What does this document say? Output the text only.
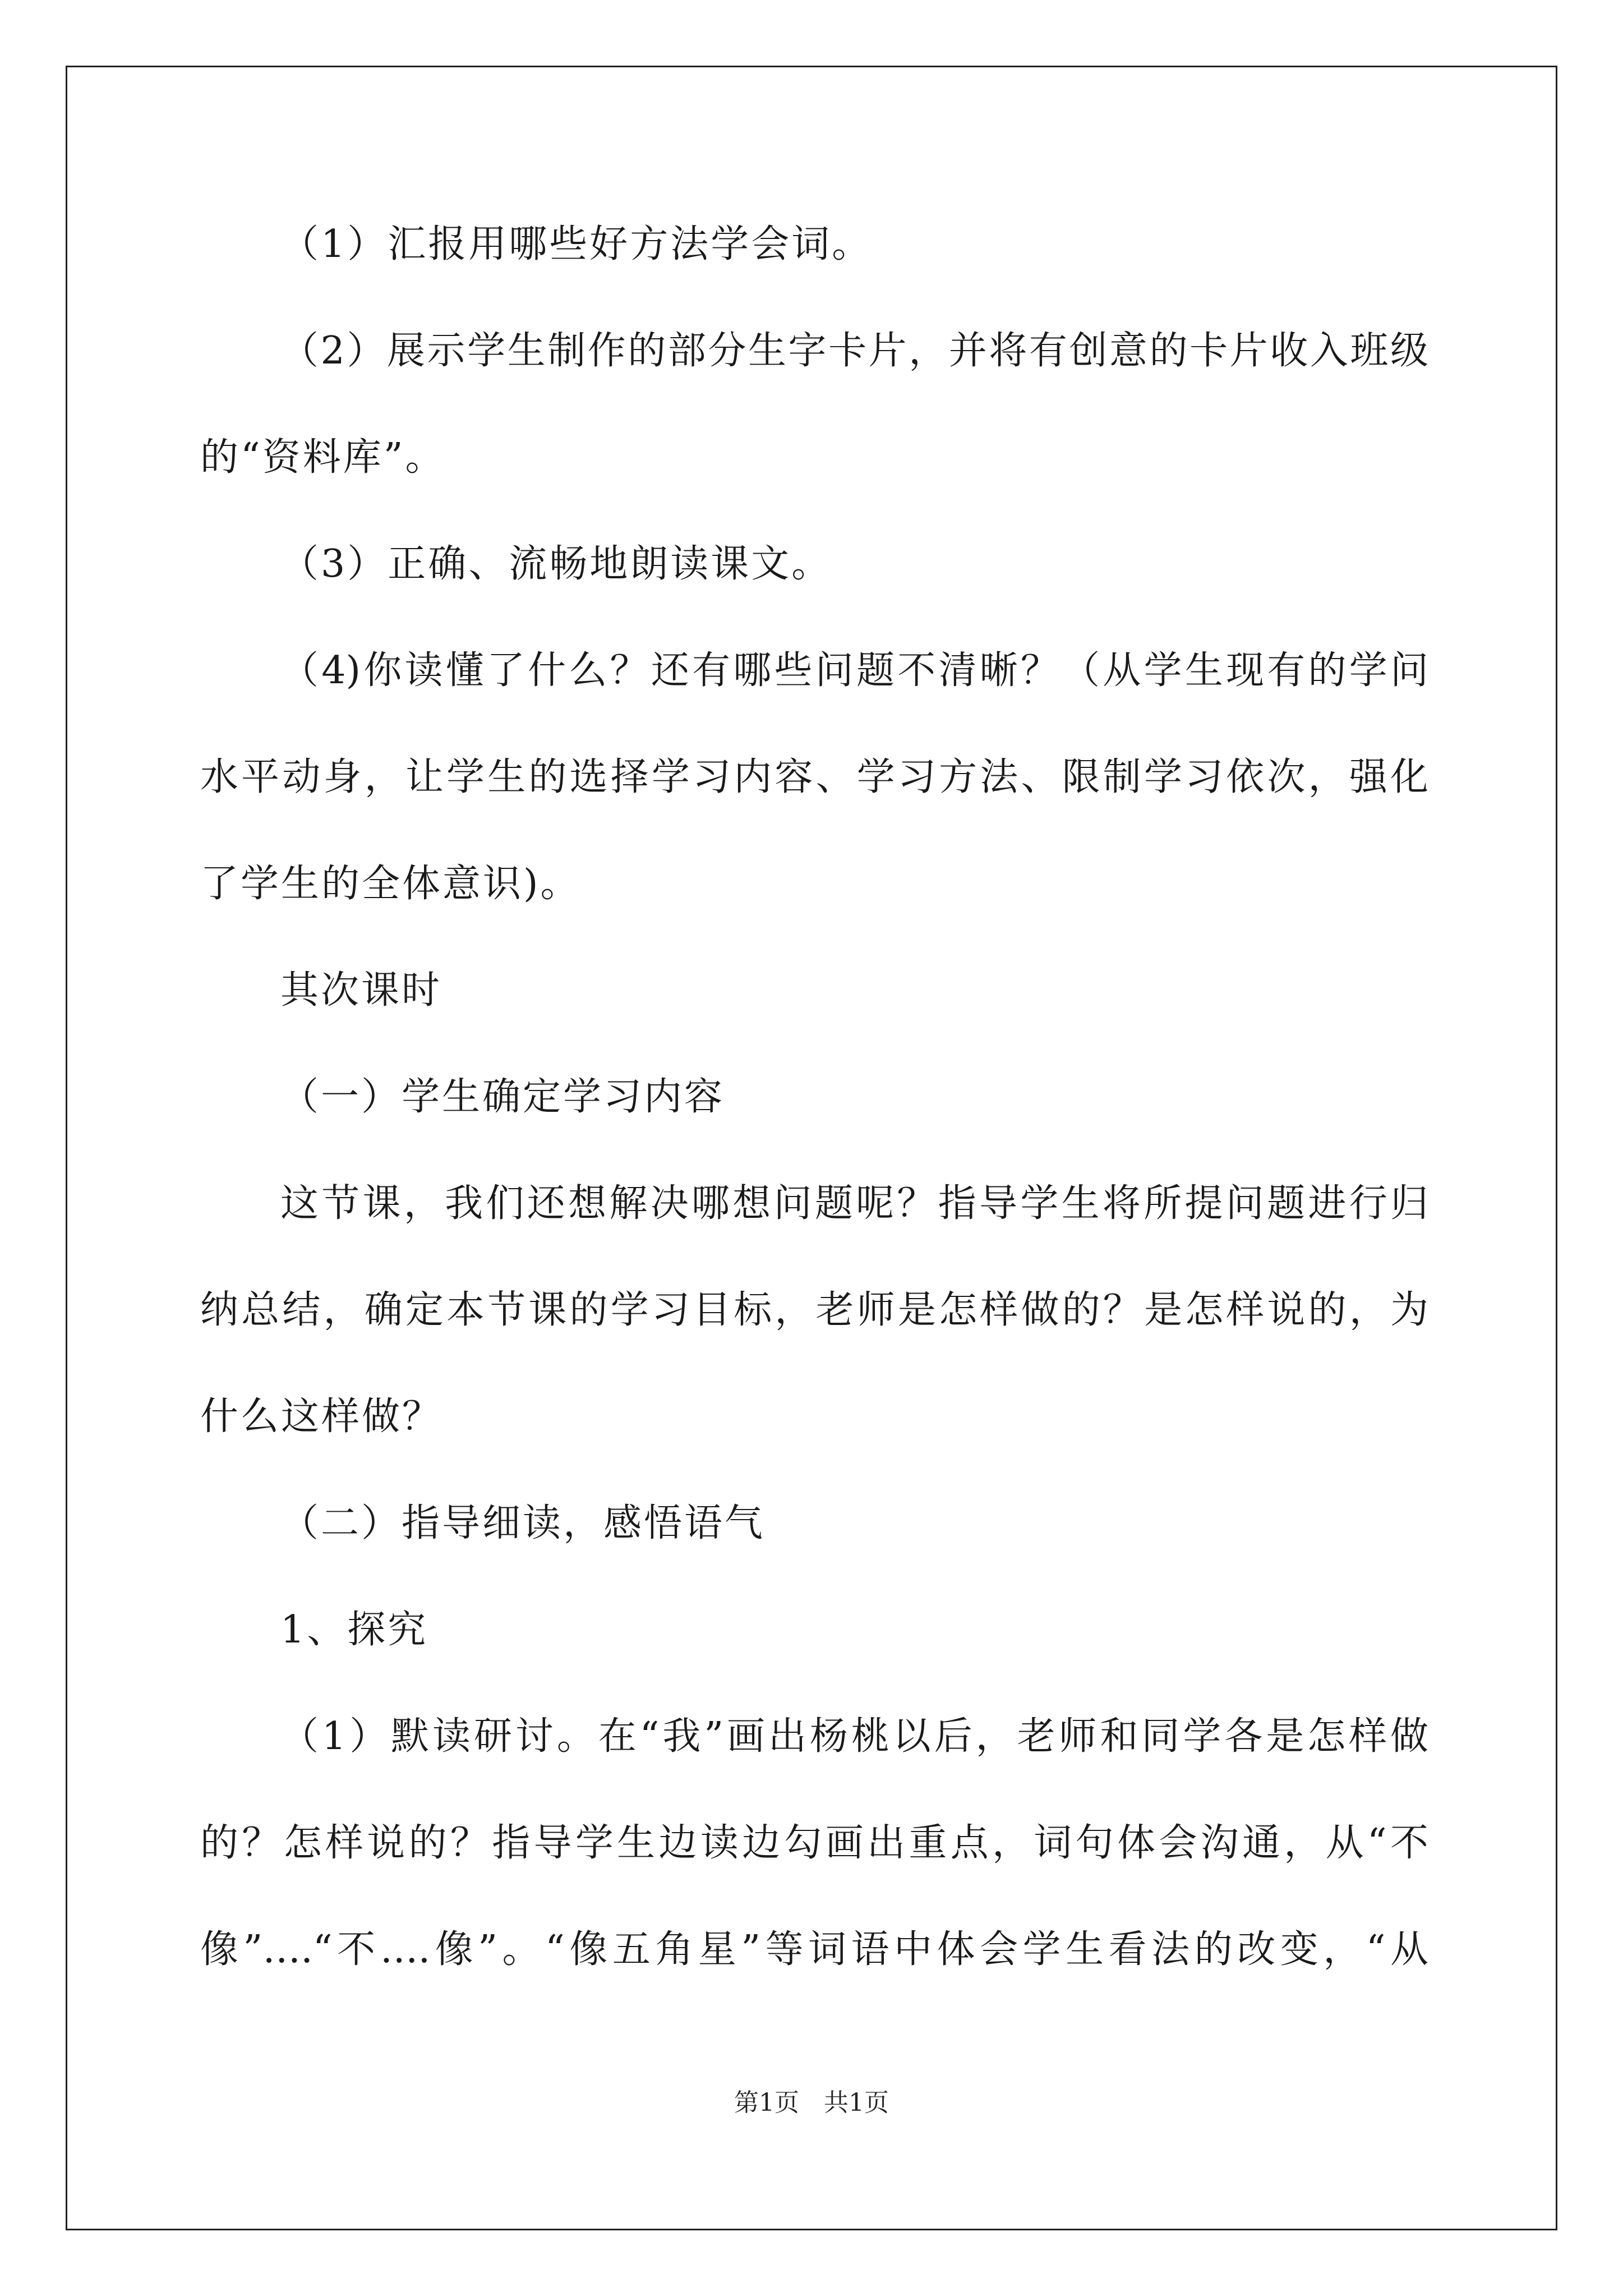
（1）汇报用哪些好方法学会词。
（2）展示学生制作的部分生字卡片，并将有创意的卡片收入班级
的“资料库”。
（3）正确、流畅地朗读课文。
（4)你读懂了什么？还有哪些问题不清晰？（从学生现有的学问
水平动身，让学生的选择学习内容、学习方法、限制学习依次，强化
了学生的全体意识)。
其次课时
（一）学生确定学习内容
这节课，我们还想解决哪想问题呢？指导学生将所提问题进行归
纳总结，确定本节课的学习目标，老师是怎样做的？是怎样说的，为
什么这样做？
（二）指导细读，感悟语气
1、探究
（1）默读研讨。在“我”画出杨桃以后，老师和同学各是怎样做
的？怎样说的？指导学生边读边勾画出重点，词句体会沟通，从“不
像”….“不….像”。“像五角星”等词语中体会学生看法的改变，“从
第1页　共1页
